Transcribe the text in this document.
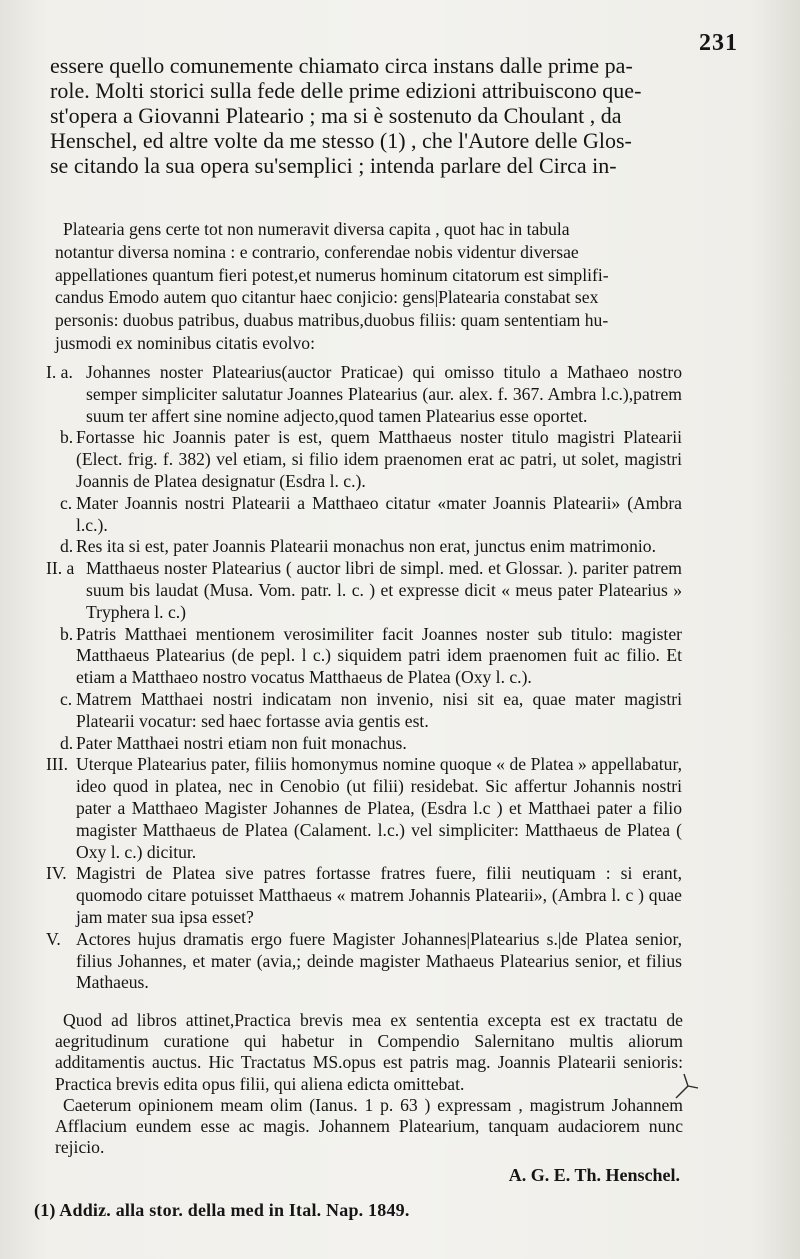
231

essere quello comunemente chiamato circa instans dalle prime pa-

role. Molti storici sulla fede delle prime edizioni attribuiscono que-

st'opera a Giovanni Plateario ; ma si è sostenuto da Choulant , da

Henschel, ed altre volte da me stesso (1) , che l'Autore delle Glos-

se citando la sua opera su'semplici ; intenda parlare del Circa in-

Platearia gens certe tot non numeravit diversa capita , quot hac in tabula

notantur diversa nomina : e contrario, conferendae nobis videntur diversae

appellationes quantum fieri potest,et numerus hominum citatorum est simplifi-

candus Emodo autem quo citantur haec conjicio: gens|Platearia constabat sex

personis: duobus patribus, duabus matribus,duobus filiis: quam sententiam hu-

jusmodi ex nominibus citatis evolvo:

I. a. Johannes noster Platearius(auctor Praticae) qui omisso titulo a Mathaeo nostro semper simpliciter salutatur Joannes Platearius (aur. alex. f. 367. Ambra l.c.),patrem suum ter affert sine nomine adjecto,quod tamen Platearius esse oportet.

b. Fortasse hic Joannis pater is est, quem Matthaeus noster titulo magistri Platearii (Elect. frig. f. 382) vel etiam, si filio idem praenomen erat ac patri, ut solet, magistri Joannis de Platea designatur (Esdra l. c.).

c. Mater Joannis nostri Platearii a Matthaeo citatur «mater Joannis Platearii» (Ambra l.c.).

d. Res ita si est, pater Joannis Platearii monachus non erat, junctus enim matrimonio.

II. a Matthaeus noster Platearius ( auctor libri de simpl. med. et Glossar. ). pariter patrem suum bis laudat (Musa. Vom. patr. l. c. ) et expresse dicit « meus pater Platearius » Tryphera l. c.)

b. Patris Matthaei mentionem verosimiliter facit Joannes noster sub titulo: magister Matthaeus Platearius (de pepl. l c.) siquidem patri idem praenomen fuit ac filio. Et etiam a Matthaeo nostro vocatus Matthaeus de Platea (Oxy l. c.).

c. Matrem Matthaei nostri indicatam non invenio, nisi sit ea, quae mater magistri Platearii vocatur: sed haec fortasse avia gentis est.

d. Pater Matthaei nostri etiam non fuit monachus.

III. Uterque Platearius pater, filiis homonymus nomine quoque « de Platea » appellabatur, ideo quod in platea, nec in Cenobio (ut filii) residebat. Sic affertur Johannis nostri pater a Matthaeo Magister Johannes de Platea, (Esdra l.c ) et Matthaei pater a filio magister Matthaeus de Platea (Calament. l.c.) vel simpliciter: Matthaeus de Platea ( Oxy l. c.) dicitur.

IV. Magistri de Platea sive patres fortasse fratres fuere, filii neutiquam : si erant, quomodo citare potuisset Matthaeus « matrem Johannis Platearii», (Ambra l. c ) quae jam mater sua ipsa esset?

V. Actores hujus dramatis ergo fuere Magister Johannes|Platearius s.|de Platea senior, filius Johannes, et mater (avia,; deinde magister Mathaeus Platearius senior, et filius Mathaeus.

Quod ad libros attinet,Practica brevis mea ex sententia excepta est ex tractatu de aegritudinum curatione qui habetur in Compendio Salernitano multis aliorum additamentis auctus. Hic Tractatus MS.opus est patris mag. Joannis Platearii senioris: Practica brevis edita opus filii, qui aliena edicta omittebat.

Caeterum opinionem meam olim (Ianus. 1 p. 63 ) expressam , magistrum Johannem Afflacium eundem esse ac magis. Johannem Platearium, tanquam audaciorem nunc rejicio.

A. G. E. Th. Henschel.
(1) Addiz. alla stor. della med in Ital. Nap. 1849.
